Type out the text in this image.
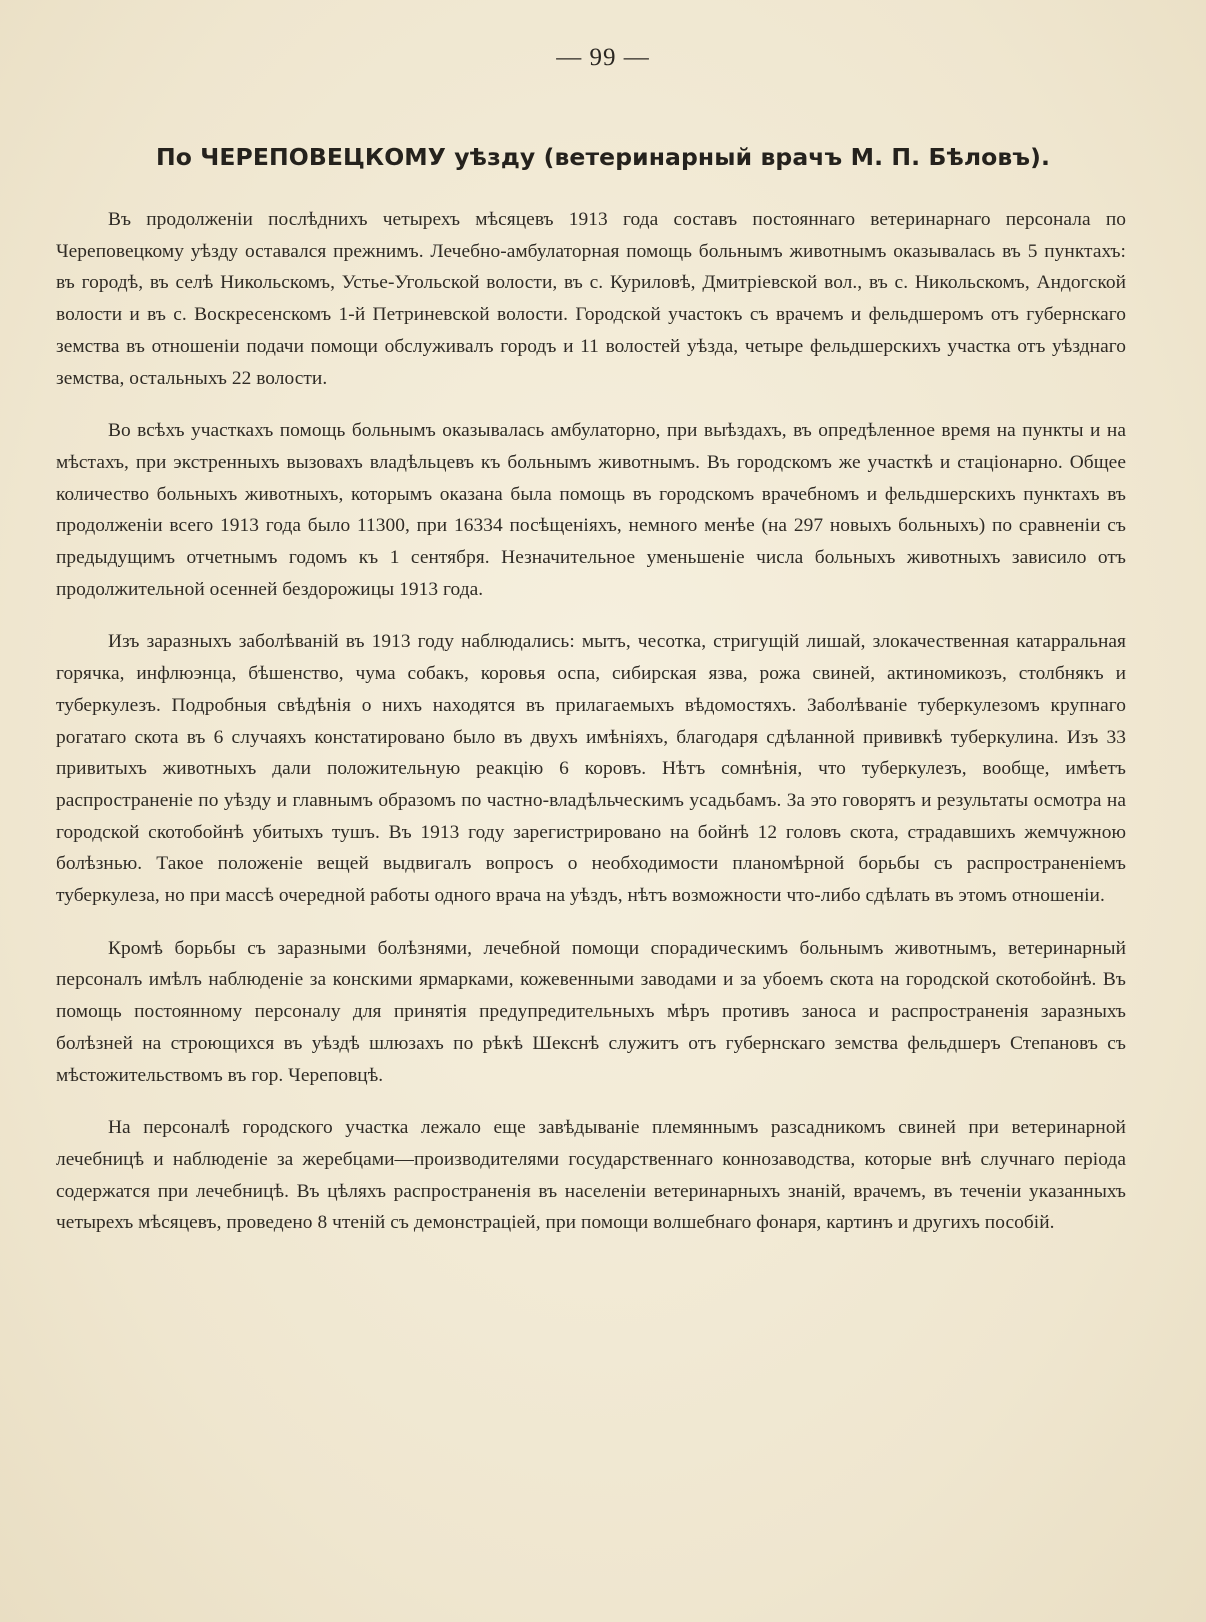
— 99 —
По ЧЕРЕПОВЕЦКОМУ уѣзду (ветеринарный врачъ М. П. Бѣловъ).

Въ продолженіи послѣднихъ четырехъ мѣсяцевъ 1913 года составъ постояннаго ветеринарнаго персонала по Череповецкому уѣзду оставался прежнимъ. Лечебно-амбулаторная помощь больнымъ животнымъ оказывалась въ 5 пунктахъ: въ городѣ, въ селѣ Никольскомъ, Устье-Угольской волости, въ с. Куриловѣ, Дмитріевской вол., въ с. Никольскомъ, Андогской волости и въ с. Воскресенскомъ 1-й Петриневской волости. Городской участокъ съ врачемъ и фельдшеромъ отъ губернскаго земства въ отношеніи подачи помощи обслуживалъ городъ и 11 волостей уѣзда, четыре фельдшерскихъ участка отъ уѣзднаго земства, остальныхъ 22 волости.

Во всѣхъ участкахъ помощь больнымъ оказывалась амбулаторно, при выѣздахъ, въ опредѣленное время на пункты и на мѣстахъ, при экстренныхъ вызовахъ владѣльцевъ къ больнымъ животнымъ. Въ городскомъ же участкѣ и стаціонарно. Общее количество больныхъ животныхъ, которымъ оказана была помощь въ городскомъ врачебномъ и фельдшерскихъ пунктахъ въ продолженіи всего 1913 года было 11300, при 16334 посѣщеніяхъ, немного менѣе (на 297 новыхъ больныхъ) по сравненіи съ предыдущимъ отчетнымъ годомъ къ 1 сентября. Незначительное уменьшеніе числа больныхъ животныхъ зависило отъ продолжительной осенней бездорожицы 1913 года.

Изъ заразныхъ заболѣваній въ 1913 году наблюдались: мытъ, чесотка, стригущій лишай, злокачественная катарральная горячка, инфлюэнца, бѣшенство, чума собакъ, коровья оспа, сибирская язва, рожа свиней, актиномикозъ, столбнякъ и туберкулезъ. Подробныя свѣдѣнія о нихъ находятся въ прилагаемыхъ вѣдомостяхъ. Заболѣваніе туберкулезомъ крупнаго рогатаго скота въ 6 случаяхъ констатировано было въ двухъ имѣніяхъ, благодаря сдѣланной прививкѣ туберкулина. Изъ 33 привитыхъ животныхъ дали положительную реакцію 6 коровъ. Нѣтъ сомнѣнія, что туберкулезъ, вообще, имѣетъ распространеніе по уѣзду и главнымъ образомъ по частно-владѣльческимъ усадьбамъ. За это говорятъ и результаты осмотра на городской скотобойнѣ убитыхъ тушъ. Въ 1913 году зарегистрировано на бойнѣ 12 головъ скота, страдавшихъ жемчужною болѣзнью. Такое положеніе вещей выдвигалъ вопросъ о необходимости планомѣрной борьбы съ распространеніемъ туберкулеза, но при массѣ очередной работы одного врача на уѣздъ, нѣтъ возможности что-либо сдѣлать въ этомъ отношеніи.

Кромѣ борьбы съ заразными болѣзнями, лечебной помощи спорадическимъ больнымъ животнымъ, ветеринарный персоналъ имѣлъ наблюденіе за конскими ярмарками, кожевенными заводами и за убоемъ скота на городской скотобойнѣ. Въ помощь постоянному персоналу для принятія предупредительныхъ мѣръ противъ заноса и распространенія заразныхъ болѣзней на строющихся въ уѣздѣ шлюзахъ по рѣкѣ Шекснѣ служитъ отъ губернскаго земства фельдшеръ Степановъ съ мѣстожительствомъ въ гор. Череповцѣ.

На персоналѣ городского участка лежало еще завѣдываніе племяннымъ разсадникомъ свиней при ветеринарной лечебницѣ и наблюденіе за жеребцами—производителями государственнаго коннозаводства, которые внѣ случнаго періода содержатся при лечебницѣ. Въ цѣляхъ распространенія въ населеніи ветеринарныхъ знаній, врачемъ, въ теченіи указанныхъ четырехъ мѣсяцевъ, проведено 8 чтеній съ демонстраціей, при помощи волшебнаго фонаря, картинъ и другихъ пособій.
